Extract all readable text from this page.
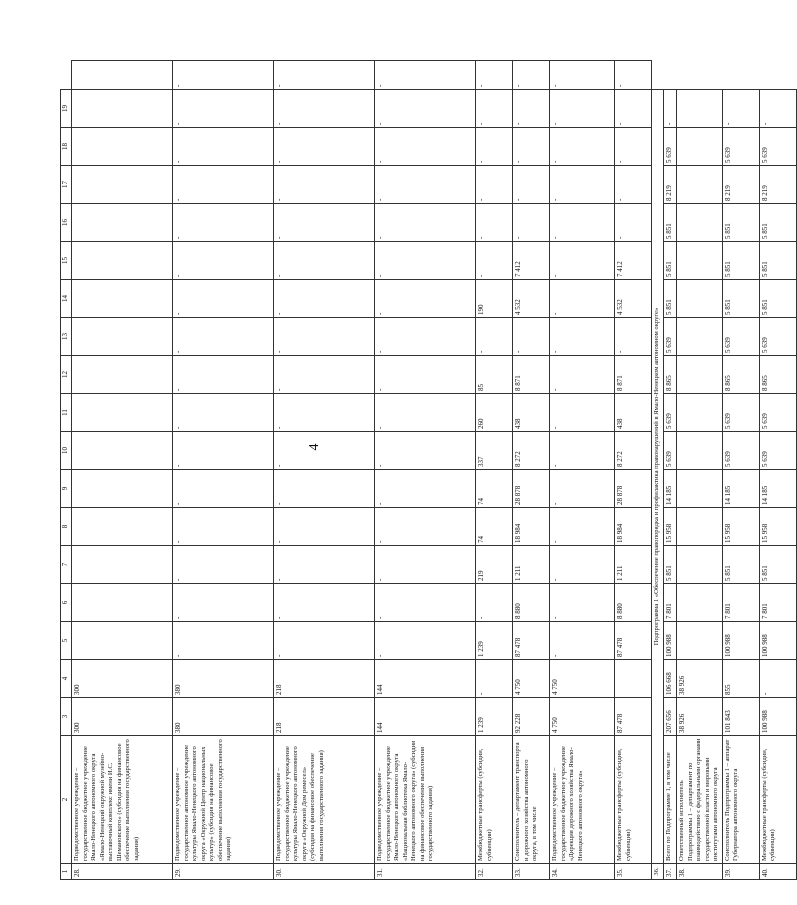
4
1	2	3	4	5	6	7	8	9	10	11	12	13	14	15	16	17	18	19	
28.	Подведомственное учреждение – государственное бюджетное учреждение Ямало-Ненецкого автономного округа «Ямало-Ненецкий окружной музейно-выставочный комплекс имени И.С. Шемановского» (субсидия на финансовое обеспечение выполнения государственного задания)	300	300																
29.	Подведомственное учреждение – государственное автономное учреждение культуры Ямало-Ненецкого автономного округа «Окружной Центр национальных культур» (субсидия на финансовое обеспечение выполнения государственного задания)	380	380	-	-	-	-	-	-	-	-	-	-	-	-	-	-	-	-
30.	Подведомственное учреждение – государственное бюджетное учреждение культуры Ямало-Ненецкого автономного округа «Окружной Дом ремесел» (субсидия на финансовое обеспечение выполнения государственного задания)	218	218	-	-	-	-	-	-	-	-	-	-	-	-	-	-	-	-
31.	Подведомственное учреждение – государственное бюджетное учреждение Ямало-Ненецкого автономного округа «Национальная библиотека Ямало-Ненецкого автономного округа» (субсидия на финансовое обеспечение выполнения государственного задания)	144	144	-	-	-	-	-	-	-	-	-	-	-	-	-	-	-	-
32.	Межбюджетные трансферты (субсидии, субвенции)	1 239	-	1 239	-	219	74	74	337	260	85	-	190	-	-	-	-	-	-
33.	Соисполнитель – департамент транспорта и дорожного хозяйства автономного округа, в том числе	92 228	4 750	87 478	8 880	1 211	18 984	28 878	8 272	438	8 871	-	4 532	7 412	-	-	-	-	-
34.	Подведомственное учреждение – государственное бюджетное учреждение «Дирекция дорожного хозяйства Ямало-Ненецкого автономного округа»	4 750	4 750	-	-	-	-	-	-	-	-	-	-	-	-	-	-	-	-
35.	Межбюджетные трансферты (субсидии, субвенции)	87 478		87 478	8 880	1 211	18 984	28 878	8 272	438	8 871	-	4 532	7 412	-	-	-	-	-
36.	Подпрограмма 1 «Обеспечение правопорядка и профилактика правонарушений в Ямало-Ненецком автономном округе»																		
37.	Всего по Подпрограмме 1, в том числе	207 656	106 668	100 988	7 801	5 851	15 958	14 185	5 639	5 639	8 865	5 639	5 851	5 851	5 851	8 219	5 639	-	
38.	Ответственный исполнитель Подпрограммы 1 – департамент по взаимодействию с федеральными органами государственной власти и мировыми институтами автономного округа	38 926	38 926																
39.	Соисполнитель Подпрограммы 1 – аппарат Губернатора автономного округа	101 843	855	100 988	7 801	5 851	15 958	14 185	5 639	5 639	8 865	5 639	5 851	5 851	5 851	8 219	5 639	-	
40.	Межбюджетные трансферты (субсидии, субвенции)	100 988	-	100 988	7 801	5 851	15 958	14 185	5 639	5 639	8 865	5 639	5 851	5 851	5 851	8 219	5 639	-	
